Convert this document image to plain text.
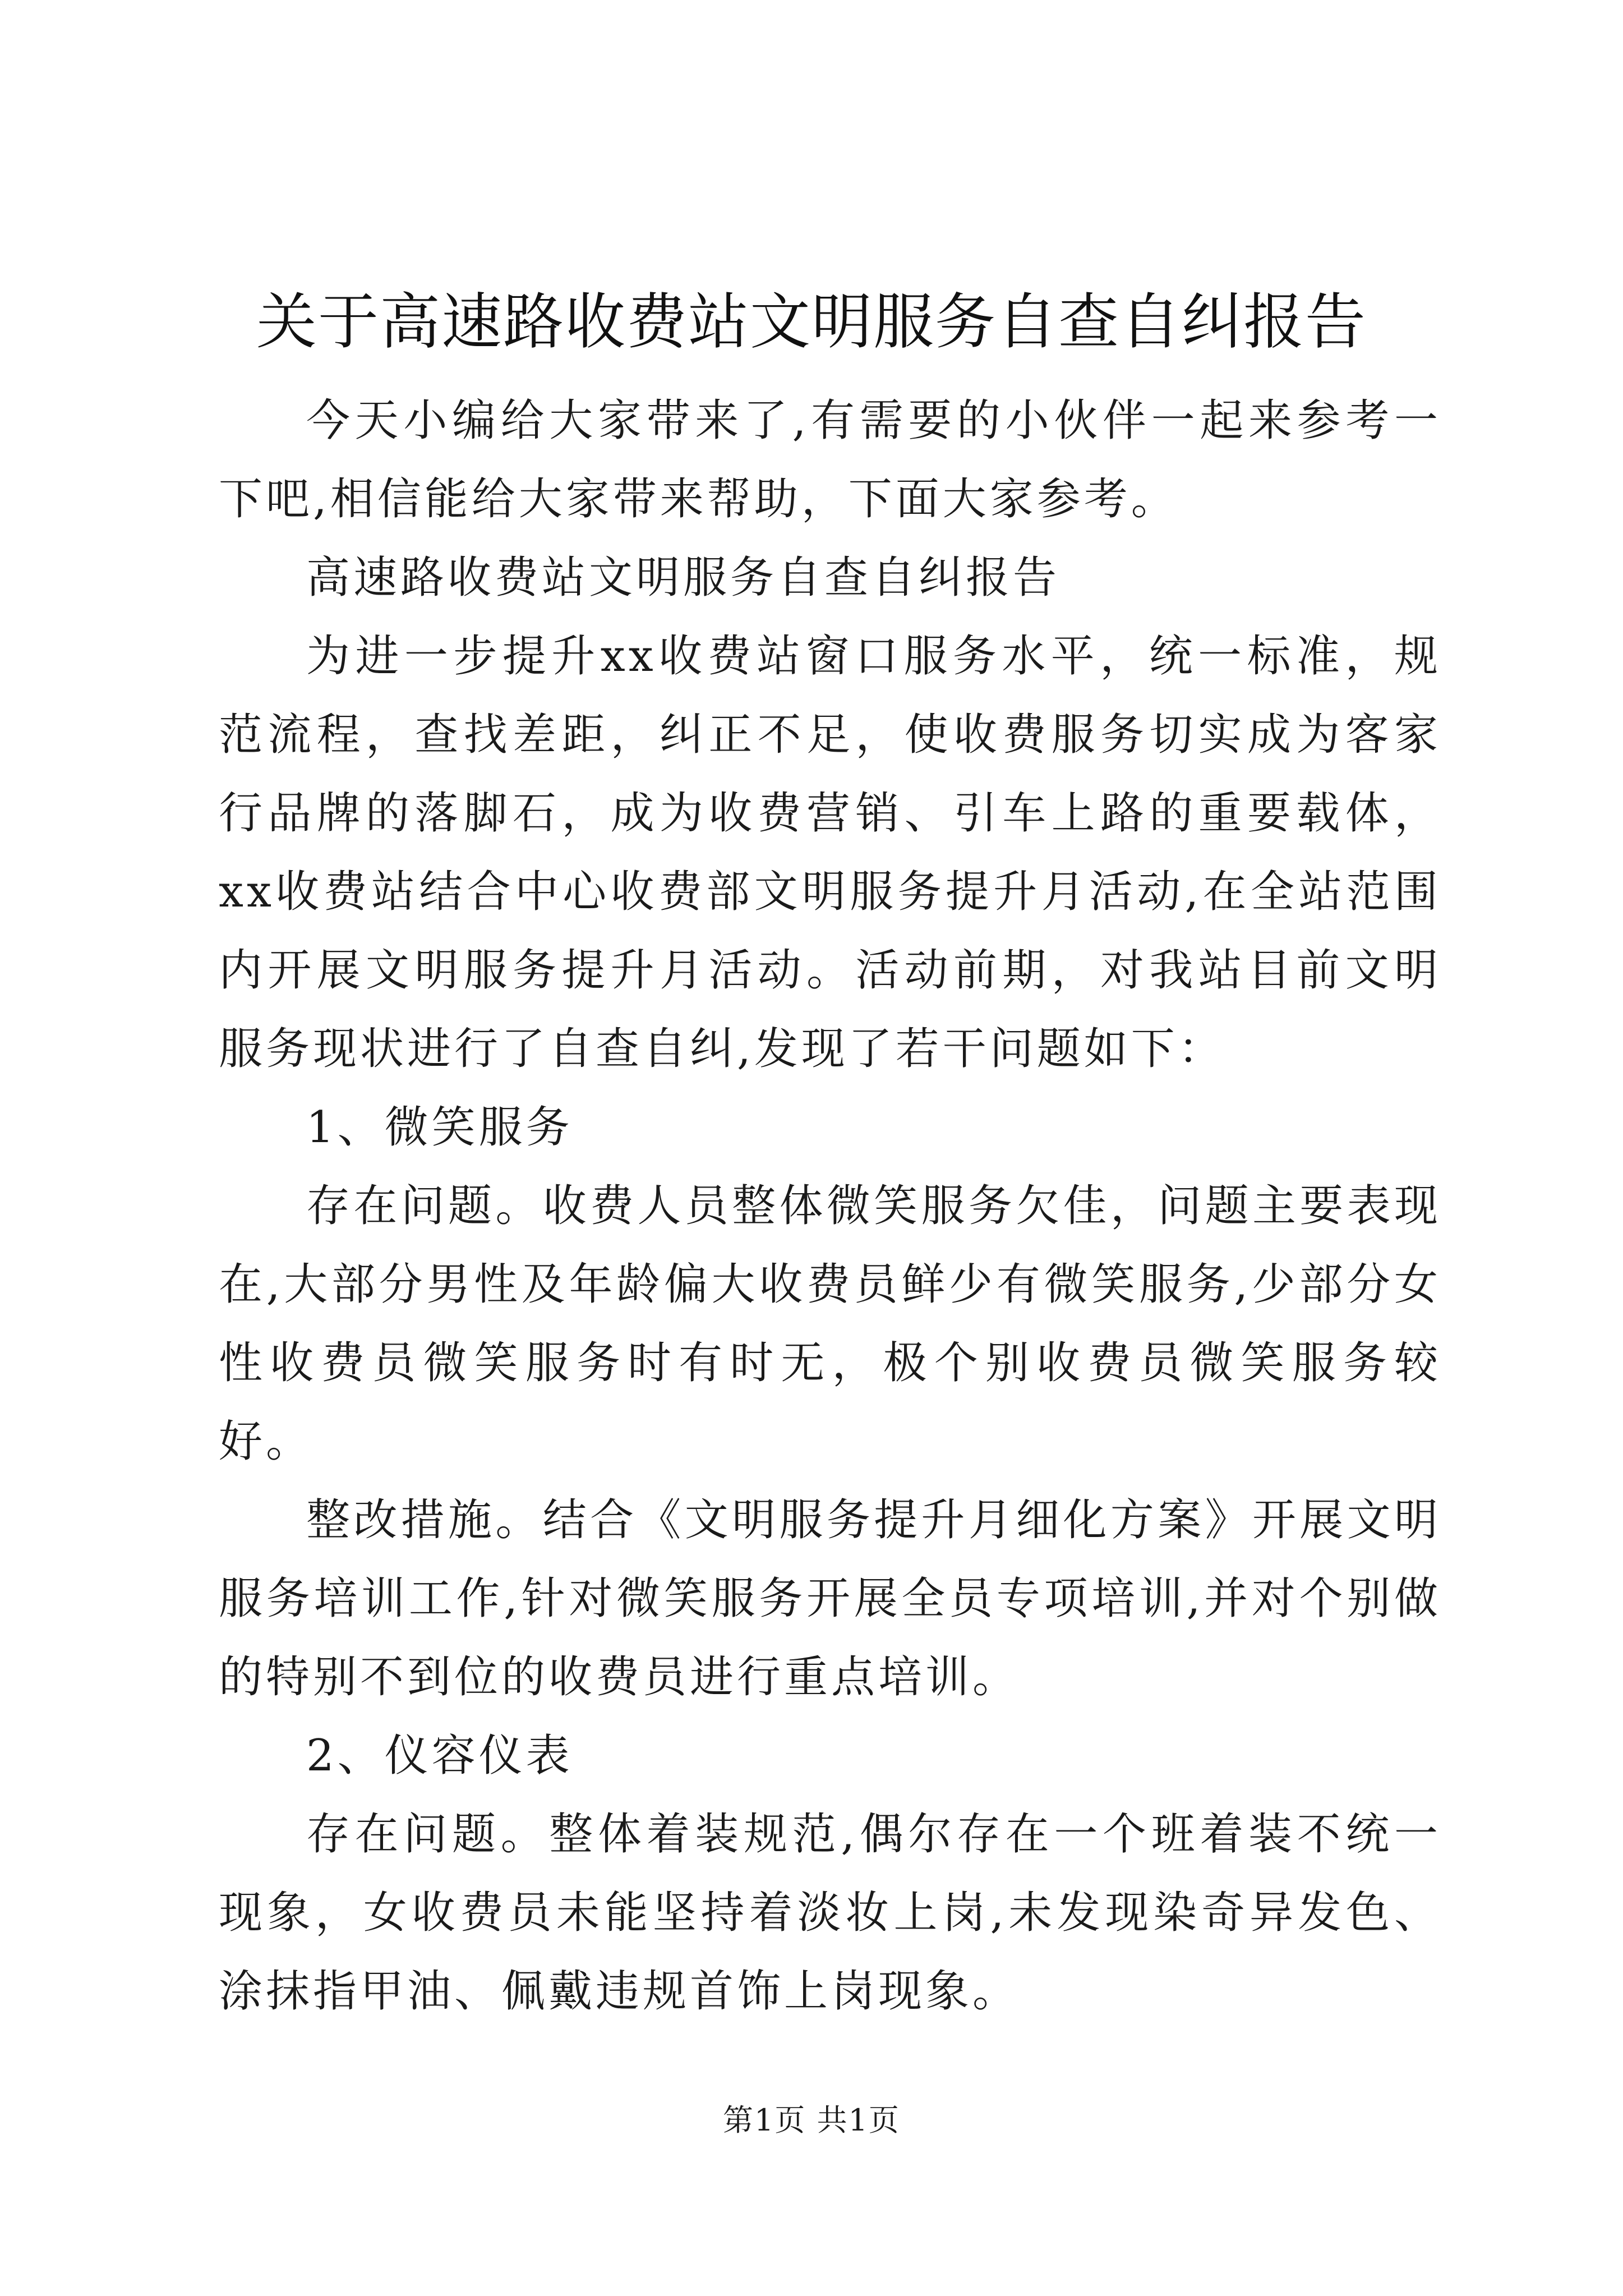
关于高速路收费站文明服务自查自纠报告

今天小编给大家带来了,有需要的小伙伴一起来参考一下吧,相信能给大家带来帮助，下面大家参考。

高速路收费站文明服务自查自纠报告

为进一步提升xx收费站窗口服务水平，统一标准，规范流程，查找差距，纠正不足，使收费服务切实成为客家行品牌的落脚石，成为收费营销、引车上路的重要载体，xx收费站结合中心收费部文明服务提升月活动,在全站范围内开展文明服务提升月活动。活动前期，对我站目前文明服务现状进行了自查自纠,发现了若干问题如下：

1、微笑服务

存在问题。收费人员整体微笑服务欠佳，问题主要表现在,大部分男性及年龄偏大收费员鲜少有微笑服务,少部分女性收费员微笑服务时有时无，极个别收费员微笑服务较好。

整改措施。结合《文明服务提升月细化方案》开展文明服务培训工作,针对微笑服务开展全员专项培训,并对个别做的特别不到位的收费员进行重点培训。

2、仪容仪表

存在问题。整体着装规范,偶尔存在一个班着装不统一现象，女收费员未能坚持着淡妆上岗,未发现染奇异发色、涂抹指甲油、佩戴违规首饰上岗现象。

第1页 共1页
